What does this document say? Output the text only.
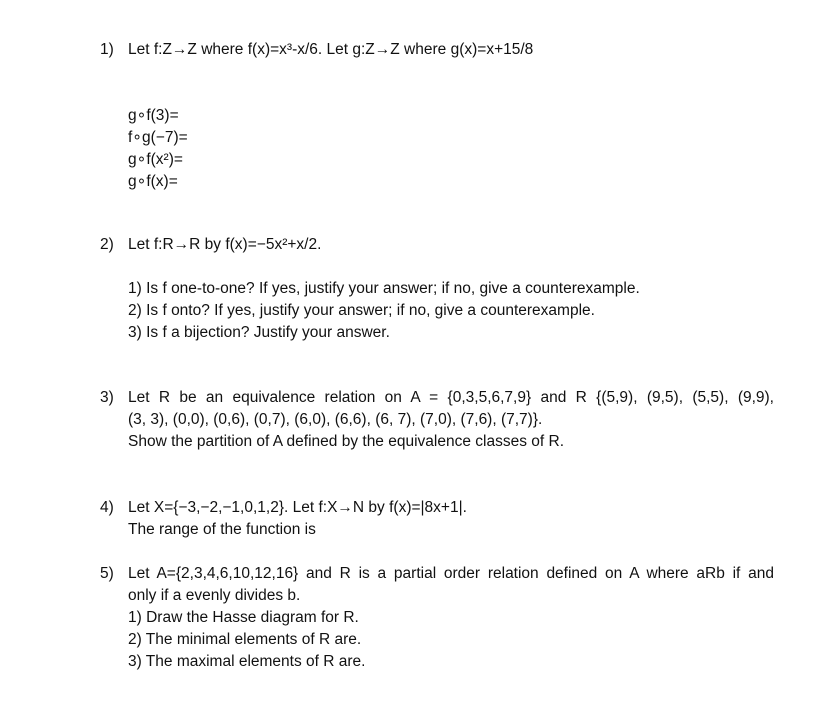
1) Let f:Z→Z where f(x)=x³-x/6. Let g:Z→Z where g(x)=x+15/8
g∘f(3)=
f∘g(−7)=
g∘f(x²)=
g∘f(x)=
2) Let f:R→R by f(x)=−5x²+x/2.
1) Is f one-to-one? If yes, justify your answer; if no, give a counterexample.
2) Is f onto? If yes, justify your answer; if no, give a counterexample.
3) Is f a bijection? Justify your answer.
3) Let R be an equivalence relation on A = {0,3,5,6,7,9} and R {(5,9), (9,5), (5,5), (9,9),
(3, 3), (0,0), (0,6), (0,7), (6,0), (6,6), (6, 7), (7,0), (7,6), (7,7)}.
Show the partition of A defined by the equivalence classes of R.
4) Let X={−3,−2,−1,0,1,2}. Let f:X→N by f(x)=|8x+1|.
The range of the function is
5) Let A={2,3,4,6,10,12,16} and R is a partial order relation defined on A where aRb if and
only if a evenly divides b.
1) Draw the Hasse diagram for R.
2) The minimal elements of R are.
3) The maximal elements of R are.
